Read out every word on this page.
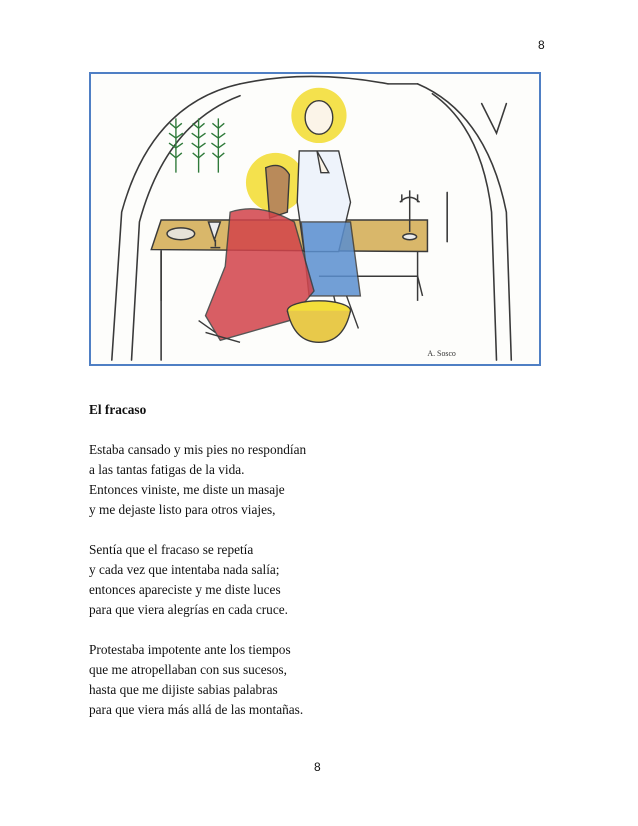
8
A. Sosco

El fracaso

Estaba cansado y mis pies no respondían

a las tantas fatigas de la vida.

Entonces viniste, me diste un masaje

y me dejaste listo para otros viajes,

Sentía que el fracaso se repetía

y cada vez que intentaba nada salía;

entonces apareciste y me diste luces

para que viera alegrías en cada cruce.

Protestaba impotente ante los tiempos

que me atropellaban con sus sucesos,

hasta que me dijiste sabias palabras

para que viera más allá de las montañas.

8
